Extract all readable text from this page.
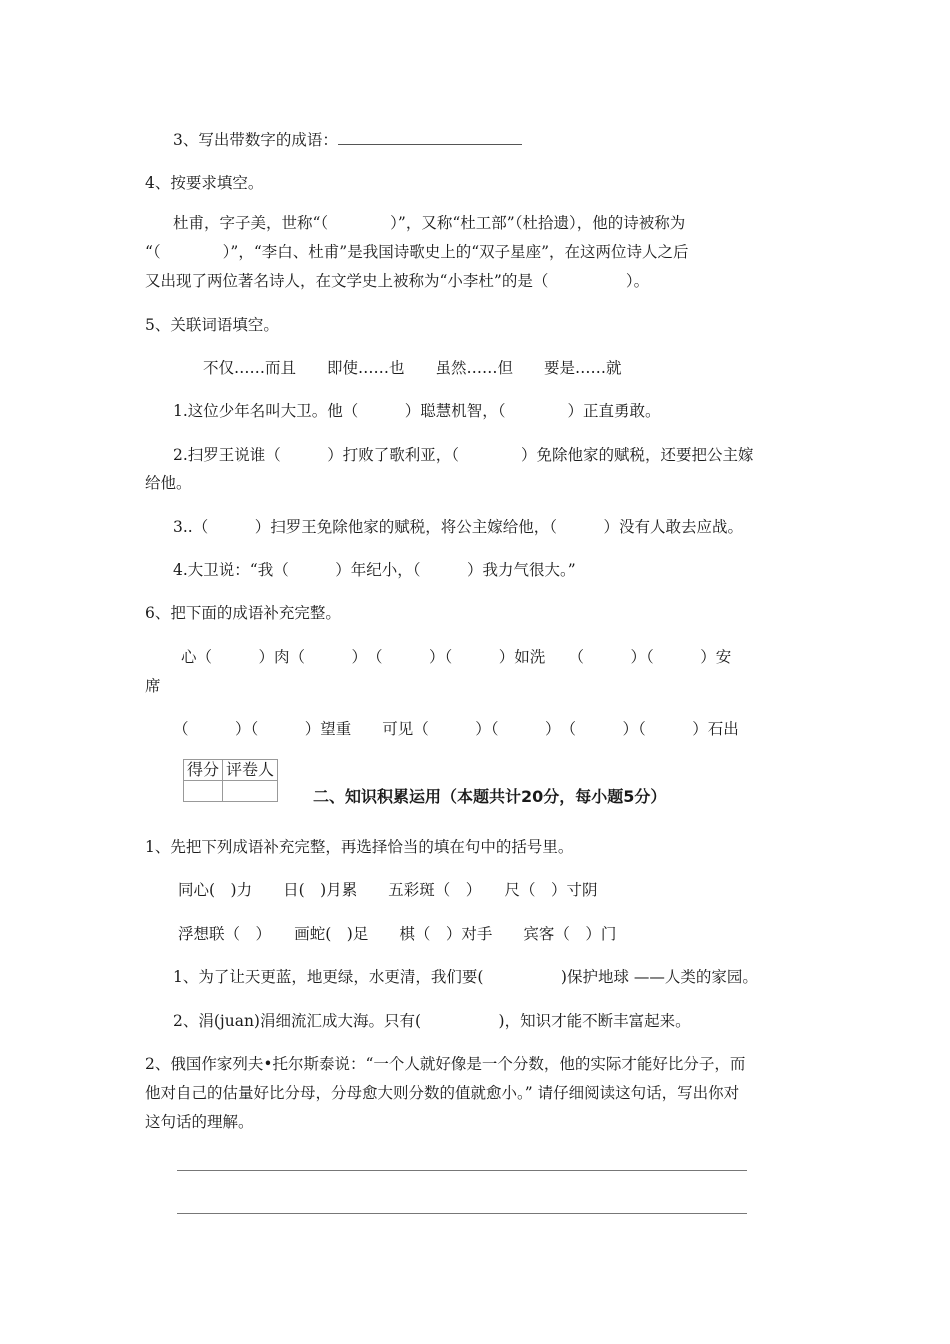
3、写出带数字的成语：
4、按要求填空。
杜甫，字子美，世称“（　　　　）”，又称“杜工部”（杜拾遗），他的诗被称为
“（　　　　）”，“李白、杜甫”是我国诗歌史上的“双子星座”，在这两位诗人之后
又出现了两位著名诗人，在文学史上被称为“小李杜”的是（　　　　　）。
5、关联词语填空。
不仅……而且　　即使……也　　虽然……但　　要是……就
1.这位少年名叫大卫。他（　　　）聪慧机智，（　　　　）正直勇敢。
2.扫罗王说谁（　　　）打败了歌利亚，（　　　　）免除他家的赋税，还要把公主嫁
给他。
3..（　　　）扫罗王免除他家的赋税，将公主嫁给他，（　　　）没有人敢去应战。
4.大卫说：“我（　　　）年纪小，（　　　）我力气很大。”
6、把下面的成语补充完整。
心（　　　）肉（　　　）　（　　　）（　　　）如洗　　（　　　）（　　　）安
席
（　　　）（　　　）望重　　可见（　　　）（　　　）　（　　　）（　　　）石出
得分	评卷人

二、知识积累运用（本题共计20分，每小题5分）
1、先把下列成语补充完整，再选择恰当的填在句中的括号里。
同心(　)力　　日(　)月累　　五彩斑（　）　　尺（　）寸阴
浮想联（　）　　画蛇(　)足　　棋（　）对手　　宾客（　）门
1、为了让天更蓝，地更绿，水更清，我们要(　　　　　)保护地球 ——人类的家园。
2、涓(juan)涓细流汇成大海。只有(　　　　　)，知识才能不断丰富起来。
2、俄国作家列夫•托尔斯泰说：“一个人就好像是一个分数，他的实际才能好比分子，而
他对自己的估量好比分母，分母愈大则分数的值就愈小。” 请仔细阅读这句话，写出你对
这句话的理解。
